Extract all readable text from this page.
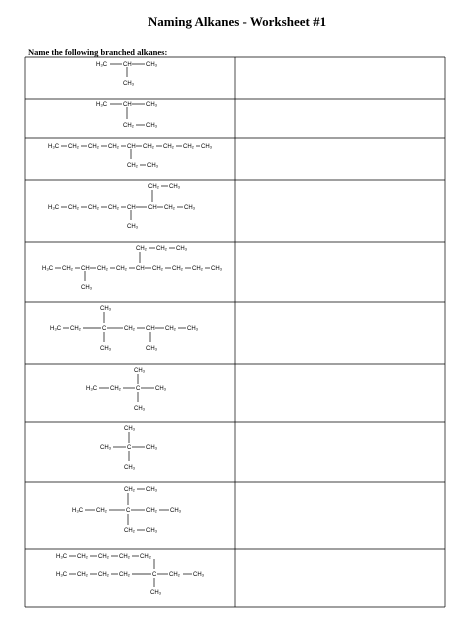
Naming Alkanes - Worksheet #1
Name the following branched alkanes:
H₃C	CH CH₃
CH₃
H₃C	CH CH₃
CH₂ CH₃
H₃C CH₂ CH₂ CH₂ CH CH₂ CH₂ CH₂ CH₃
CH₂ CH₃
CH₂ CH₃
H₃C CH₂ CH₂ CH₂ CH CH CH₂ CH₃
CH₃
CH₂ CH₂ CH₃
H₃C CH₂ CH CH₂ CH₂ CH CH₂ CH₂ CH₂ CH₃
CH₃
CH₃
H₃C CH₂	C	CH₂ CH CH₂ CH₃
CH₃	CH₃
CH₃
H₃C CH₂	C CH₃
CH₃
CH₃
CH₃	C CH₃
CH₃
CH₂ CH₃
H₃C CH₂	C	CH₂ CH₃
CH₂ CH₃
H₃C CH₂ CH₂ CH₂ CH₂
H₃C CH₂ CH₂ CH₂	C CH₂ CH₃
CH₃
